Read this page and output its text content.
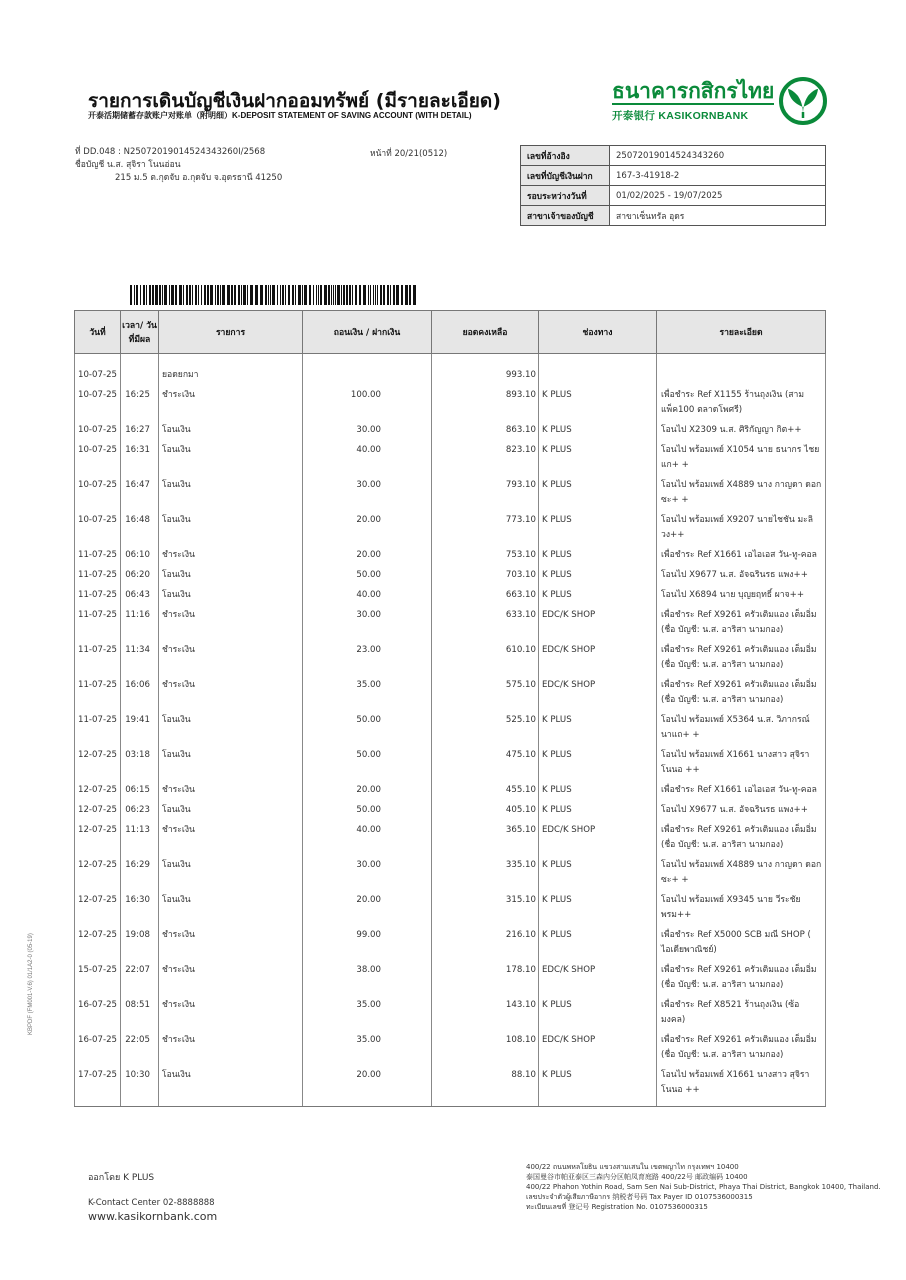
รายการเดินบัญชีเงินฝากออมทรัพย์ (มีรายละเอียด)
开泰活期储蓄存款账户对账单（附明细）K-DEPOSIT STATEMENT OF SAVING ACCOUNT (WITH DETAIL)
ที่ DD.048 : N25072019014524343260I/2568
ชื่อบัญชี น.ส. สุจิรา โนนอ่อน
215 ม.5 ต.กุดจับ อ.กุดจับ จ.อุดรธานี 41250
หน้าที่ 20/21(0512)
ธนาคารกสิกรไทย
开泰银行 KASIKORNBANK
เลขที่อ้างอิง	25072019014524343260
เลขที่บัญชีเงินฝาก	167-3-41918-2
รอบระหว่างวันที่	01/02/2025 - 19/07/2025
สาขาเจ้าของบัญชี	สาขาเซ็นทรัล อุดร
วันที่	เวลา/ วันที่มีผล	รายการ	ถอนเงิน / ฝากเงิน	ยอดคงเหลือ	ช่องทาง	รายละเอียด
10-07-25		ยอดยกมา		993.10		
10-07-25	16:25	ชำระเงิน	100.00	893.10	K PLUS	เพื่อชำระ Ref X1155 ร้านถุงเงิน (สามแพ็ค100 ตลาดโพศรี)
10-07-25	16:27	โอนเงิน	30.00	863.10	K PLUS	โอนไป X2309 น.ส. ศิริกัญญา กิต++
10-07-25	16:31	โอนเงิน	40.00	823.10	K PLUS	โอนไป พร้อมเพย์ X1054 นาย ธนากร ไชยแก+ +
10-07-25	16:47	โอนเงิน	30.00	793.10	K PLUS	โอนไป พร้อมเพย์ X4889 นาง กาญดา ดอกซะ+ +
10-07-25	16:48	โอนเงิน	20.00	773.10	K PLUS	โอนไป พร้อมเพย์ X9207 นายไชชัน มะลิวง++
11-07-25	06:10	ชำระเงิน	20.00	753.10	K PLUS	เพื่อชำระ Ref X1661 เอไอเอส วัน-ทู-คอล
11-07-25	06:20	โอนเงิน	50.00	703.10	K PLUS	โอนไป X9677 น.ส. อัจฉรินรธ แพง++
11-07-25	06:43	โอนเงิน	40.00	663.10	K PLUS	โอนไป X6894 นาย บุญยฤทธิ์ ผาจ++
11-07-25	11:16	ชำระเงิน	30.00	633.10	EDC/K SHOP	เพื่อชำระ Ref X9261 ครัวเติมแอง เต็มอิ่ม (ชื่อ บัญชี: น.ส. อาริสา นามกอง)
11-07-25	11:34	ชำระเงิน	23.00	610.10	EDC/K SHOP	เพื่อชำระ Ref X9261 ครัวเติมแอง เต็มอิ่ม (ชื่อ บัญชี: น.ส. อาริสา นามกอง)
11-07-25	16:06	ชำระเงิน	35.00	575.10	EDC/K SHOP	เพื่อชำระ Ref X9261 ครัวเติมแอง เต็มอิ่ม (ชื่อ บัญชี: น.ส. อาริสา นามกอง)
11-07-25	19:41	โอนเงิน	50.00	525.10	K PLUS	โอนไป พร้อมเพย์ X5364 น.ส. วิภากรณ์ นาแถ+ +
12-07-25	03:18	โอนเงิน	50.00	475.10	K PLUS	โอนไป พร้อมเพย์ X1661 นางสาว สุจิรา โนนอ ++
12-07-25	06:15	ชำระเงิน	20.00	455.10	K PLUS	เพื่อชำระ Ref X1661 เอไอเอส วัน-ทู-คอล
12-07-25	06:23	โอนเงิน	50.00	405.10	K PLUS	โอนไป X9677 น.ส. อัจฉรินรธ แพง++
12-07-25	11:13	ชำระเงิน	40.00	365.10	EDC/K SHOP	เพื่อชำระ Ref X9261 ครัวเติมแอง เต็มอิ่ม (ชื่อ บัญชี: น.ส. อาริสา นามกอง)
12-07-25	16:29	โอนเงิน	30.00	335.10	K PLUS	โอนไป พร้อมเพย์ X4889 นาง กาญดา ดอกซะ+ +
12-07-25	16:30	โอนเงิน	20.00	315.10	K PLUS	โอนไป พร้อมเพย์ X9345 นาย วีระชัย พรม++
12-07-25	19:08	ชำระเงิน	99.00	216.10	K PLUS	เพื่อชำระ Ref X5000 SCB มณี SHOP ( ไอเดียพาณิชย์)
15-07-25	22:07	ชำระเงิน	38.00	178.10	EDC/K SHOP	เพื่อชำระ Ref X9261 ครัวเติมแอง เต็มอิ่ม (ชื่อ บัญชี: น.ส. อาริสา นามกอง)
16-07-25	08:51	ชำระเงิน	35.00	143.10	K PLUS	เพื่อชำระ Ref X8521 ร้านถุงเงิน (ซ้อมงคล)
16-07-25	22:05	ชำระเงิน	35.00	108.10	EDC/K SHOP	เพื่อชำระ Ref X9261 ครัวเติมแอง เต็มอิ่ม (ชื่อ บัญชี: น.ส. อาริสา นามกอง)
17-07-25	10:30	โอนเงิน	20.00	88.10	K PLUS	โอนไป พร้อมเพย์ X1661 นางสาว สุจิรา โนนอ ++
KBPDF (FM001-V.6) 01/1A2-0 (05-19)
ออกโดย K PLUS
K-Contact Center 02-8888888
www.kasikornbank.com
400/22 ถนนพหลโยธิน แขวงสามเสนใน เขตพญาไท กรุงเทพฯ 10400
泰国曼谷市帕亚泰区三森内分区帕凤育庭路 400/22号 邮政编码 10400
400/22 Phahon Yothin Road, Sam Sen Nai Sub-District, Phaya Thai District, Bangkok 10400, Thailand.
เลขประจำตัวผู้เสียภาษีอากร 纳税者号码 Tax Payer ID 0107536000315
ทะเบียนเลขที่ 登记号 Registration No. 0107536000315
